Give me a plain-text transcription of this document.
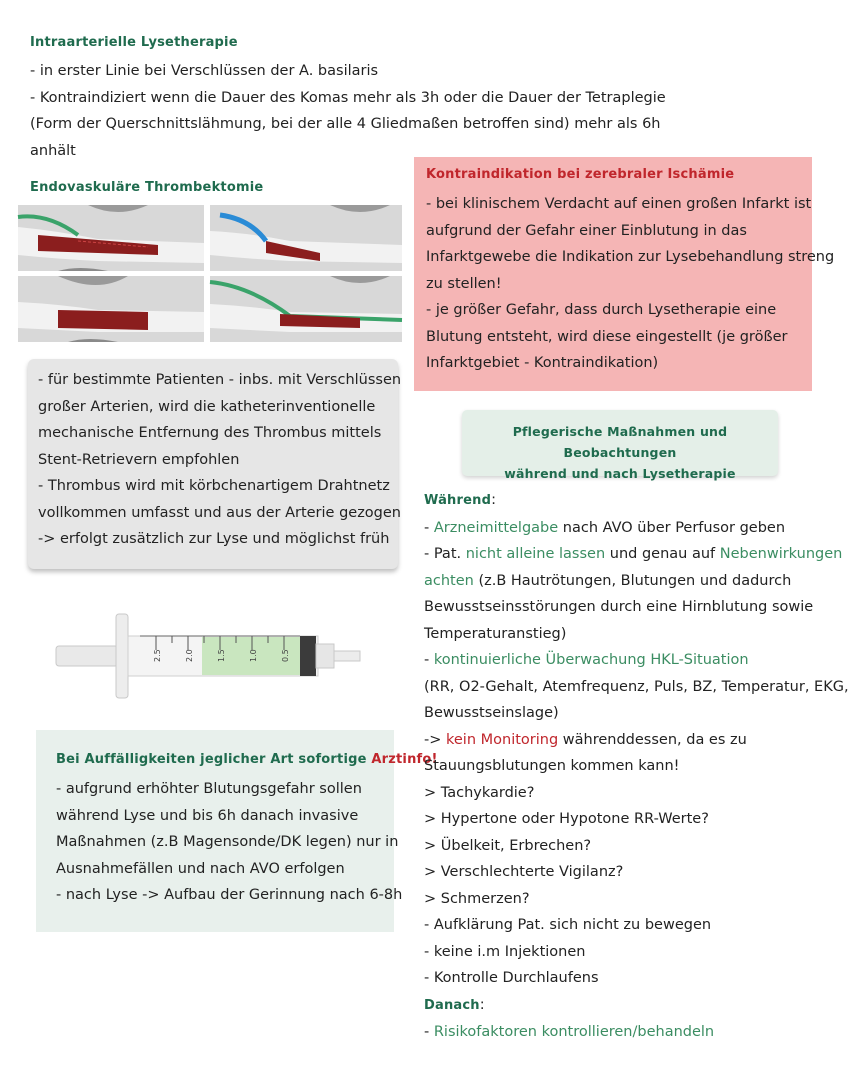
Intraarterielle Lysetherapie
- in erster Linie bei Verschlüssen der A. basilaris
- Kontraindiziert wenn die Dauer des Komas mehr als 3h oder die Dauer der Tetraplegie
(Form der Querschnittslähmung, bei der alle 4 Gliedmaßen betroffen sind) mehr als 6h
anhält
Endovaskuläre Thrombektomie
- für bestimmte Patienten - inbs. mit Verschlüssen
großer Arterien, wird die katheterinventionelle
mechanische Entfernung des Thrombus mittels
Stent-Retrievern empfohlen
- Thrombus wird mit körbchenartigem Drahtnetz
vollkommen umfasst und aus der Arterie gezogen
-> erfolgt zusätzlich zur Lyse und möglichst früh
Kontraindikation bei zerebraler Ischämie
- bei klinischem Verdacht auf einen großen Infarkt ist
aufgrund der Gefahr einer Einblutung in das
Infarktgewebe die Indikation zur Lysebehandlung streng
zu stellen!
- je größer Gefahr, dass durch Lysetherapie eine
Blutung entsteht, wird diese eingestellt (je größer
Infarktgebiet - Kontraindikation)
2.5	2.0	1.5	1.0	0.5
Bei Auffälligkeiten jeglicher Art sofortige Arztinfo!
- aufgrund erhöhter Blutungsgefahr sollen
während Lyse und bis 6h danach invasive
Maßnahmen (z.B Magensonde/DK legen) nur in
Ausnahmefällen und nach AVO erfolgen
- nach Lyse -> Aufbau der Gerinnung nach 6-8h
Pflegerische Maßnahmen und Beobachtungen
während und nach Lysetherapie
Während:
- Arzneimittelgabe nach AVO über Perfusor geben
- Pat. nicht alleine lassen und genau auf Nebenwirkungen
achten (z.B Hautrötungen, Blutungen und dadurch
Bewusstseinsstörungen durch eine Hirnblutung sowie
Temperaturanstieg)
- kontinuierliche Überwachung HKL-Situation
(RR, O2-Gehalt, Atemfrequenz, Puls, BZ, Temperatur, EKG,
Bewusstseinslage)
-> kein Monitoring währenddessen, da es zu
Stauungsblutungen kommen kann!
> Tachykardie?
> Hypertone oder Hypotone RR-Werte?
> Übelkeit, Erbrechen?
> Verschlechterte Vigilanz?
> Schmerzen?
- Aufklärung Pat. sich nicht zu bewegen
- keine i.m Injektionen
- Kontrolle Durchlaufens
Danach:
- Risikofaktoren kontrollieren/behandeln
